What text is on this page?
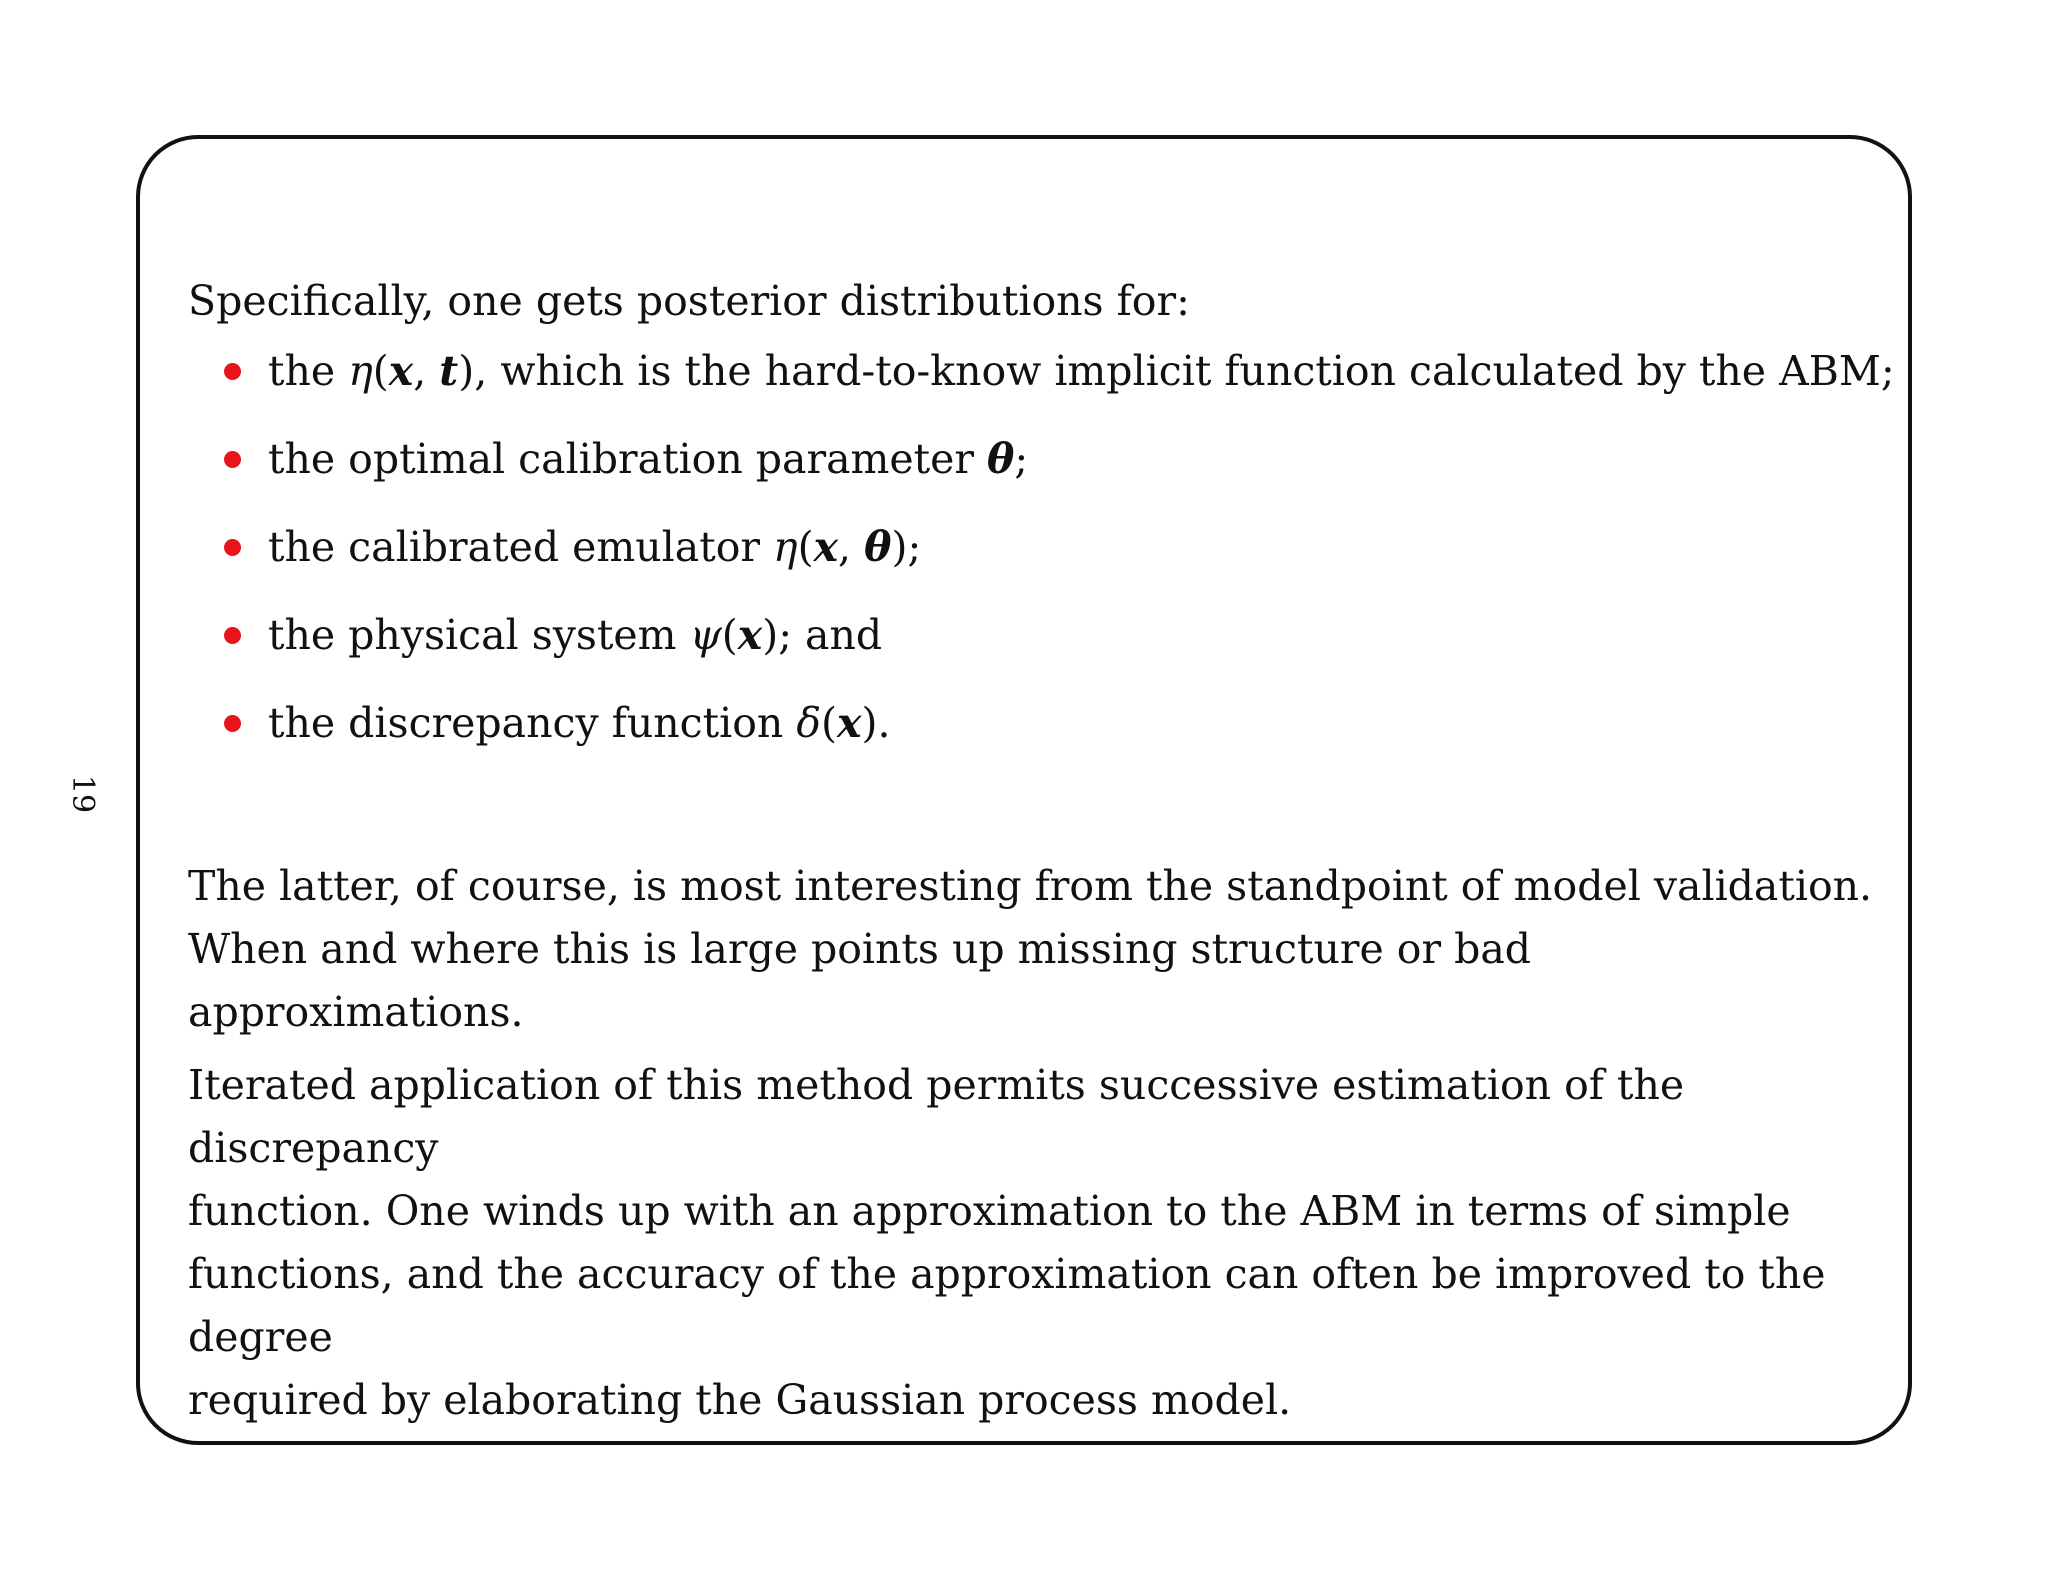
19

Specifically, one gets posterior distributions for:

the η(x, t), which is the hard-to-know implicit function calculated by the ABM;
the optimal calibration parameter θ;
the calibrated emulator η(x, θ);
the physical system ψ(x); and
the discrepancy function δ(x).

The latter, of course, is most interesting from the standpoint of model validation.
When and where this is large points up missing structure or bad approximations.

Iterated application of this method permits successive estimation of the discrepancy
function. One winds up with an approximation to the ABM in terms of simple
functions, and the accuracy of the approximation can often be improved to the degree
required by elaborating the Gaussian process model.
